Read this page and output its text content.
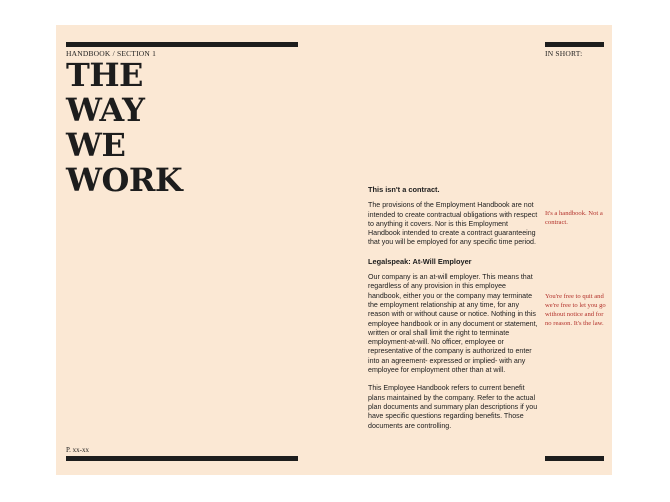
HANDBOOK / SECTION 1
THE
WAY
WE
WORK
P. xx-xx
IN SHORT:
This isn't a contract.

The provisions of the Employment Handbook are not intended to create contractual obligations with respect to anything it covers. Nor is this Employment Handbook intended to create a contract guaranteeing that you will be employed for any specific time period.

Legalspeak: At-Will Employer

Our company is an at-will employer. This means that regardless of any provision in this employee handbook, either you or the company may terminate the employment relationship at any time, for any reason with or without cause or notice. Nothing in this employee handbook or in any document or statement, written or oral shall limit the right to terminate employment-at-will. No officer, employee or representative of the company is authorized to enter into an agreement- expressed or implied- with any employee for employment other than at will.

This Employee Handbook refers to current benefit plans maintained by the company. Refer to the actual plan documents and summary plan descriptions if you have specific questions regarding benefits. Those documents are controlling.

It's a handbook. Not a contract.
You're free to quit and we're free to let you go without notice and for no reason. It's the law.
